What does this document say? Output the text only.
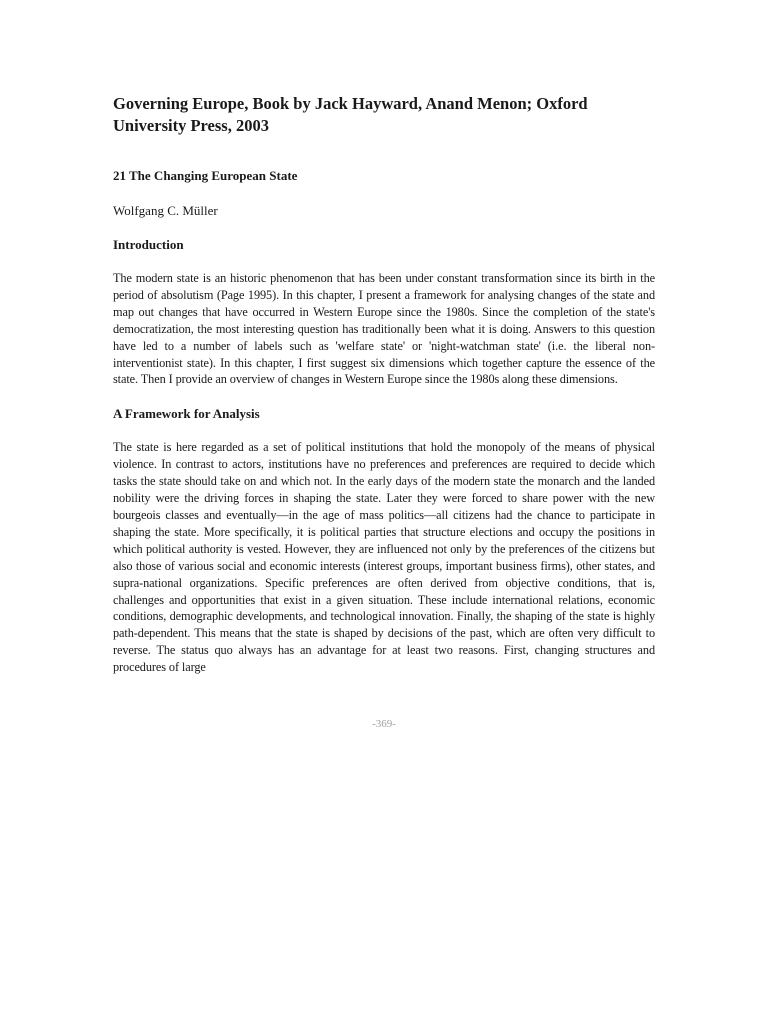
Governing Europe, Book by Jack Hayward, Anand Menon; Oxford University Press, 2003
21 The Changing European State
Wolfgang C. Müller
Introduction

The modern state is an historic phenomenon that has been under constant transformation since its birth in the period of absolutism (Page 1995). In this chapter, I present a framework for analysing changes of the state and map out changes that have occurred in Western Europe since the 1980s. Since the completion of the state's democratization, the most interesting question has traditionally been what it is doing. Answers to this question have led to a number of labels such as 'welfare state' or 'night-watchman state' (i.e. the liberal non-interventionist state). In this chapter, I first suggest six dimensions which together capture the essence of the state. Then I provide an overview of changes in Western Europe since the 1980s along these dimensions.

A Framework for Analysis

The state is here regarded as a set of political institutions that hold the monopoly of the means of physical violence. In contrast to actors, institutions have no preferences and preferences are required to decide which tasks the state should take on and which not. In the early days of the modern state the monarch and the landed nobility were the driving forces in shaping the state. Later they were forced to share power with the new bourgeois classes and eventually—in the age of mass politics—all citizens had the chance to participate in shaping the state. More specifically, it is political parties that structure elections and occupy the positions in which political authority is vested. However, they are influenced not only by the preferences of the citizens but also those of various social and economic interests (interest groups, important business firms), other states, and supra-national organizations. Specific preferences are often derived from objective conditions, that is, challenges and opportunities that exist in a given situation. These include international relations, economic conditions, demographic developments, and technological innovation. Finally, the shaping of the state is highly path-dependent. This means that the state is shaped by decisions of the past, which are often very difficult to reverse. The status quo always has an advantage for at least two reasons. First, changing structures and procedures of large

-369-
